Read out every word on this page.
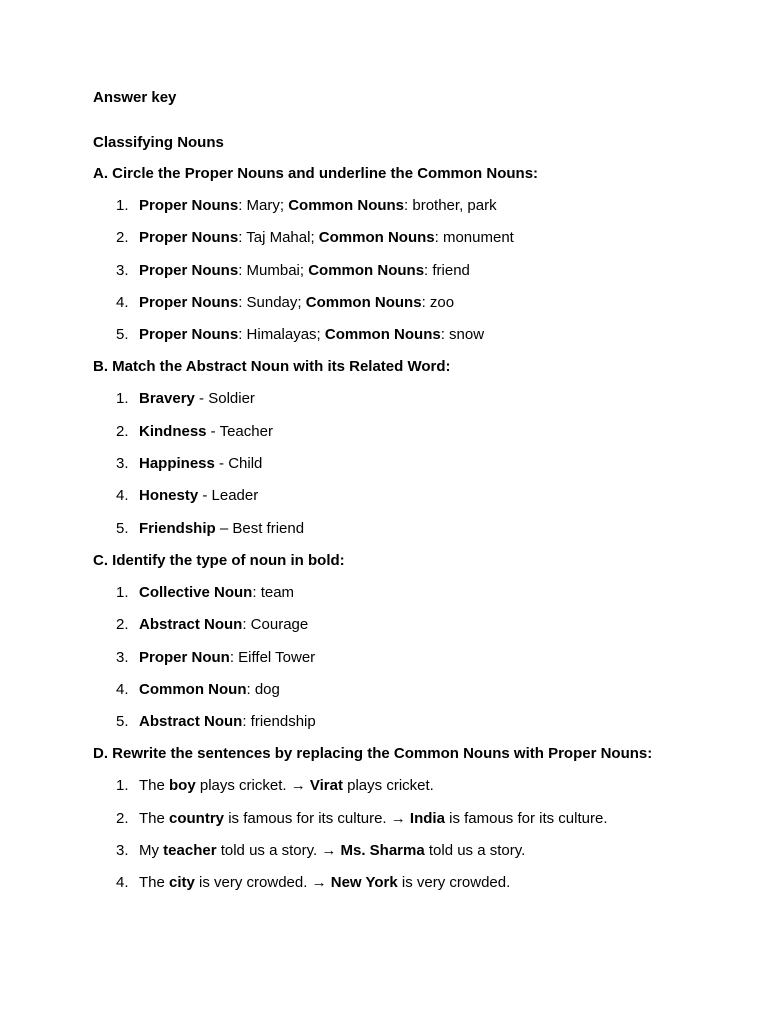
Answer key
Classifying Nouns
A. Circle the Proper Nouns and underline the Common Nouns:
1. Proper Nouns: Mary; Common Nouns: brother, park
2. Proper Nouns: Taj Mahal; Common Nouns: monument
3. Proper Nouns: Mumbai; Common Nouns: friend
4. Proper Nouns: Sunday; Common Nouns: zoo
5. Proper Nouns: Himalayas; Common Nouns: snow
B. Match the Abstract Noun with its Related Word:
1. Bravery - Soldier
2. Kindness - Teacher
3. Happiness - Child
4. Honesty - Leader
5. Friendship – Best friend
C. Identify the type of noun in bold:
1. Collective Noun: team
2. Abstract Noun: Courage
3. Proper Noun: Eiffel Tower
4. Common Noun: dog
5. Abstract Noun: friendship
D. Rewrite the sentences by replacing the Common Nouns with Proper Nouns:
1. The boy plays cricket. → Virat plays cricket.
2. The country is famous for its culture. → India is famous for its culture.
3. My teacher told us a story. → Ms. Sharma told us a story.
4. The city is very crowded. → New York is very crowded.
